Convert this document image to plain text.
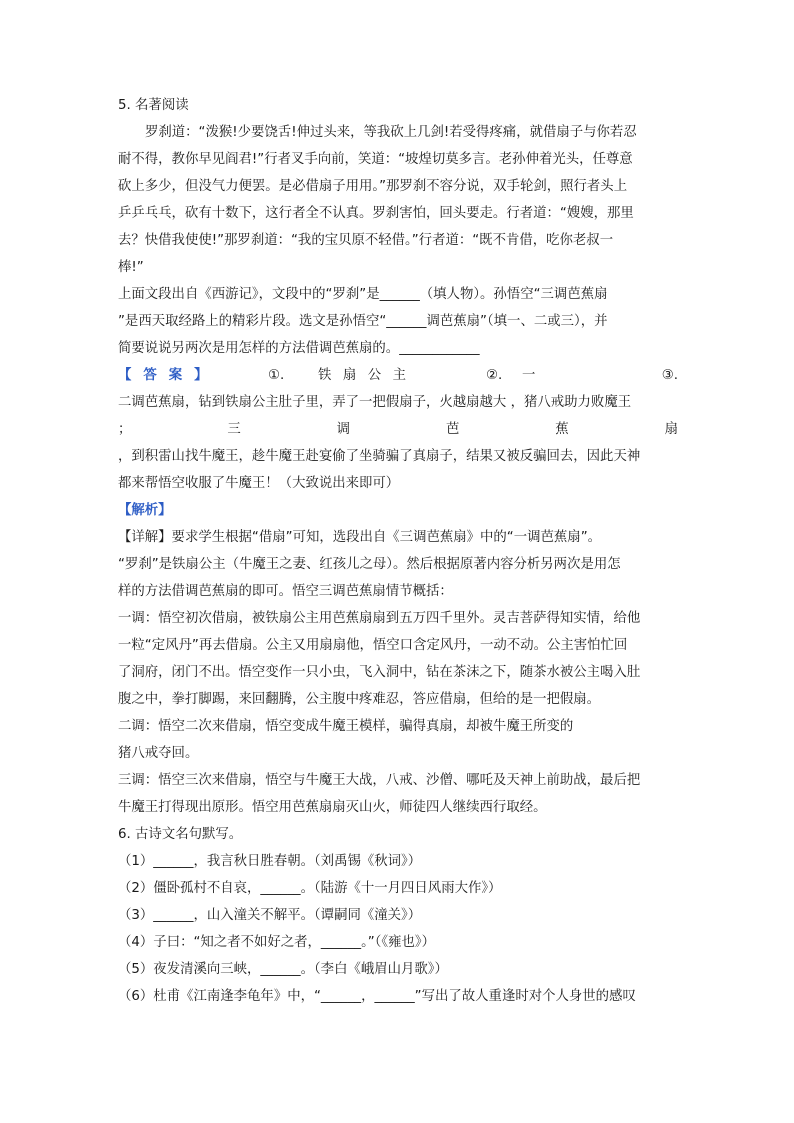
5. 名著阅读
罗刹道：“泼猴!少要饶舌!伸过头来，等我砍上几剑!若受得疼痛，就借扇子与你若忍
耐不得，教你早见阎君!”行者叉手向前，笑道：“坡煌切莫多言。老孙伸着光头，任尊意
砍上多少，但没气力便罢。是必借扇子用用。”那罗刹不容分说，双手轮剑，照行者头上
乒乒乓乓，砍有十数下，这行者全不认真。罗刹害怕，回头要走。行者道：“嫂嫂，那里
去？快借我使使!”那罗刹道：“我的宝贝原不轻借。”行者道：“既不肯借，吃你老叔一
棒!”
上面文段出自《西游记》，文段中的“罗刹”是______（填人物）。孙悟空“三调芭蕉扇
”是西天取经路上的精彩片段。选文是孙悟空“______调芭蕉扇”（填一、二或三），并
简要说说另两次是用怎样的方法借调芭蕉扇的。____________
【答案】	①.	铁 扇 公 主	②.	一	③.
二调芭蕉扇，钻到铁扇公主肚子里，弄了一把假扇子，火越扇越大 ，猪八戒助力败魔王
；	三	调	芭	蕉	扇
，到积雷山找牛魔王，趁牛魔王赴宴偷了坐骑骗了真扇子，结果又被反骗回去，因此天神
都来帮悟空收服了牛魔王！（大致说出来即可）
【解析】
【详解】要求学生根据“借扇”可知，选段出自《三调芭蕉扇》中的“一调芭蕉扇”。
“罗刹”是铁扇公主（牛魔王之妻、红孩儿之母）。然后根据原著内容分析另两次是用怎
样的方法借调芭蕉扇的即可。悟空三调芭蕉扇情节概括：
一调：悟空初次借扇，被铁扇公主用芭蕉扇扇到五万四千里外。灵吉菩萨得知实情，给他
一粒“定风丹”再去借扇。公主又用扇扇他，悟空口含定风丹，一动不动。公主害怕忙回
了洞府，闭门不出。悟空变作一只小虫，飞入洞中，钻在茶沫之下，随茶水被公主喝入肚
腹之中，拳打脚踢，来回翻腾，公主腹中疼难忍，答应借扇，但给的是一把假扇。
二调：悟空二次来借扇，悟空变成牛魔王模样，骗得真扇，却被牛魔王所变的
猪八戒夺回。
三调：悟空三次来借扇，悟空与牛魔王大战，八戒、沙僧、哪吒及天神上前助战，最后把
牛魔王打得现出原形。悟空用芭蕉扇扇灭山火，师徒四人继续西行取经。
6. 古诗文名句默写。
（1）______，我言秋日胜春朝。（刘禹锡《秋词》）
（2）僵卧孤村不自哀，______。（陆游《十一月四日风雨大作》）
（3）______，山入潼关不解平。（谭嗣同《潼关》）
（4）子曰：“知之者不如好之者，______。”（《雍也》）
（5）夜发清溪向三峡，______。（李白《峨眉山月歌》）
（6）杜甫《江南逢李龟年》中，“______，______”写出了故人重逢时对个人身世的感叹
